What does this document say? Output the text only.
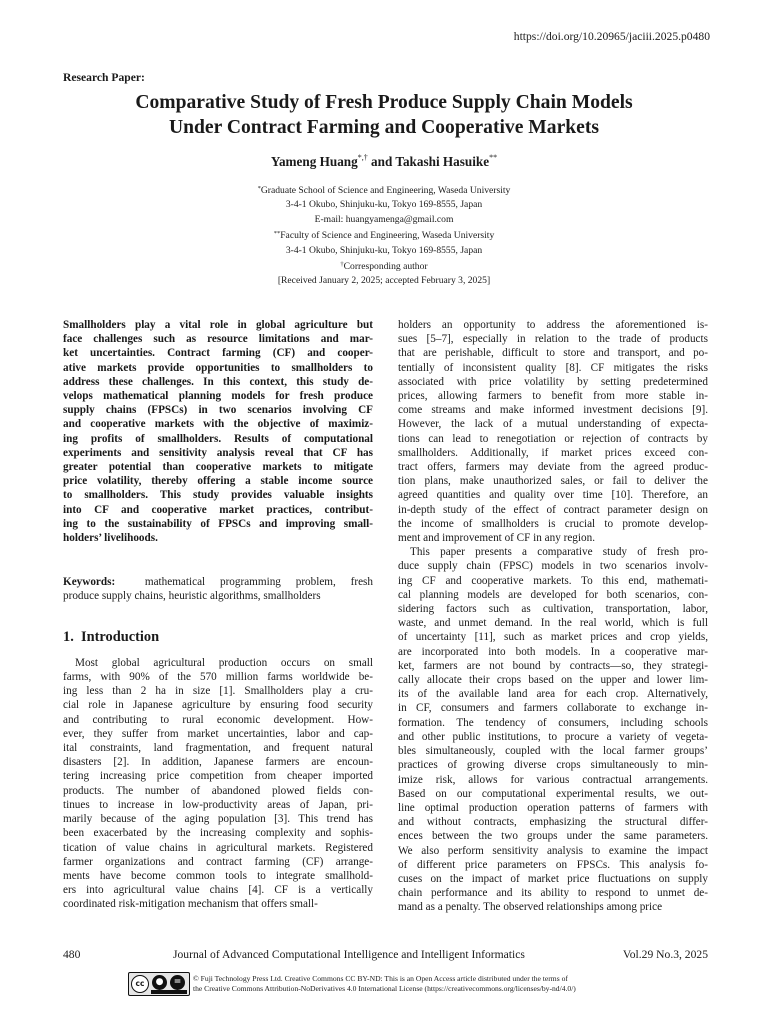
https://doi.org/10.20965/jaciii.2025.p0480
Research Paper:
Comparative Study of Fresh Produce Supply Chain Models
Under Contract Farming and Cooperative Markets
Yameng Huang*,† and Takashi Hasuike**
*Graduate School of Science and Engineering, Waseda University
3-4-1 Okubo, Shinjuku-ku, Tokyo 169-8555, Japan
E-mail: huangyamenga@gmail.com
**Faculty of Science and Engineering, Waseda University
3-4-1 Okubo, Shinjuku-ku, Tokyo 169-8555, Japan
†Corresponding author
[Received January 2, 2025; accepted February 3, 2025]
Smallholders play a vital role in global agriculture but
face challenges such as resource limitations and mar-
ket uncertainties. Contract farming (CF) and cooper-
ative markets provide opportunities to smallholders to
address these challenges. In this context, this study de-
velops mathematical planning models for fresh produce
supply chains (FPSCs) in two scenarios involving CF
and cooperative markets with the objective of maximiz-
ing profits of smallholders. Results of computational
experiments and sensitivity analysis reveal that CF has
greater potential than cooperative markets to mitigate
price volatility, thereby offering a stable income source
to smallholders. This study provides valuable insights
into CF and cooperative market practices, contribut-
ing to the sustainability of FPSCs and improving small-
holders’ livelihoods.
Keywords:	mathematical programming problem, fresh
produce supply chains, heuristic algorithms, smallholders
1.  Introduction
Most global agricultural production occurs on small
farms, with 90% of the 570 million farms worldwide be-
ing less than 2 ha in size [1]. Smallholders play a cru-
cial role in Japanese agriculture by ensuring food security
and contributing to rural economic development. How-
ever, they suffer from market uncertainties, labor and cap-
ital constraints, land fragmentation, and frequent natural
disasters [2]. In addition, Japanese farmers are encoun-
tering increasing price competition from cheaper imported
products. The number of abandoned plowed fields con-
tinues to increase in low-productivity areas of Japan, pri-
marily because of the aging population [3]. This trend has
been exacerbated by the increasing complexity and sophis-
tication of value chains in agricultural markets. Registered
farmer organizations and contract farming (CF) arrange-
ments have become common tools to integrate smallhold-
ers into agricultural value chains [4]. CF is a vertically
coordinated risk-mitigation mechanism that offers small-
holders an opportunity to address the aforementioned is-
sues [5–7], especially in relation to the trade of products
that are perishable, difficult to store and transport, and po-
tentially of inconsistent quality [8]. CF mitigates the risks
associated with price volatility by setting predetermined
prices, allowing farmers to benefit from more stable in-
come streams and make informed investment decisions [9].
However, the lack of a mutual understanding of expecta-
tions can lead to renegotiation or rejection of contracts by
smallholders. Additionally, if market prices exceed con-
tract offers, farmers may deviate from the agreed produc-
tion plans, make unauthorized sales, or fail to deliver the
agreed quantities and quality over time [10]. Therefore, an
in-depth study of the effect of contract parameter design on
the income of smallholders is crucial to promote develop-
ment and improvement of CF in any region.
This paper presents a comparative study of fresh pro-
duce supply chain (FPSC) models in two scenarios involv-
ing CF and cooperative markets. To this end, mathemati-
cal planning models are developed for both scenarios, con-
sidering factors such as cultivation, transportation, labor,
waste, and unmet demand. In the real world, which is full
of uncertainty [11], such as market prices and crop yields,
are incorporated into both models. In a cooperative mar-
ket, farmers are not bound by contracts—so, they strategi-
cally allocate their crops based on the upper and lower lim-
its of the available land area for each crop. Alternatively,
in CF, consumers and farmers collaborate to exchange in-
formation. The tendency of consumers, including schools
and other public institutions, to procure a variety of vegeta-
bles simultaneously, coupled with the local farmer groups’
practices of growing diverse crops simultaneously to min-
imize risk, allows for various contractual arrangements.
Based on our computational experimental results, we out-
line optimal production operation patterns of farmers with
and without contracts, emphasizing the structural differ-
ences between the two groups under the same parameters.
We also perform sensitivity analysis to examine the impact
of different price parameters on FPSCs. This analysis fo-
cuses on the impact of market price fluctuations on supply
chain performance and its ability to respond to unmet de-
mand as a penalty. The observed relationships among price
480	Journal of Advanced Computational Intelligence and Intelligent Informatics	Vol.29 No.3, 2025
cc	●	=	© Fuji Technology Press Ltd. Creative Commons CC BY-ND: This is an Open Access article distributed under the terms of
the Creative Commons Attribution-NoDerivatives 4.0 International License (https://creativecommons.org/licenses/by-nd/4.0/)
